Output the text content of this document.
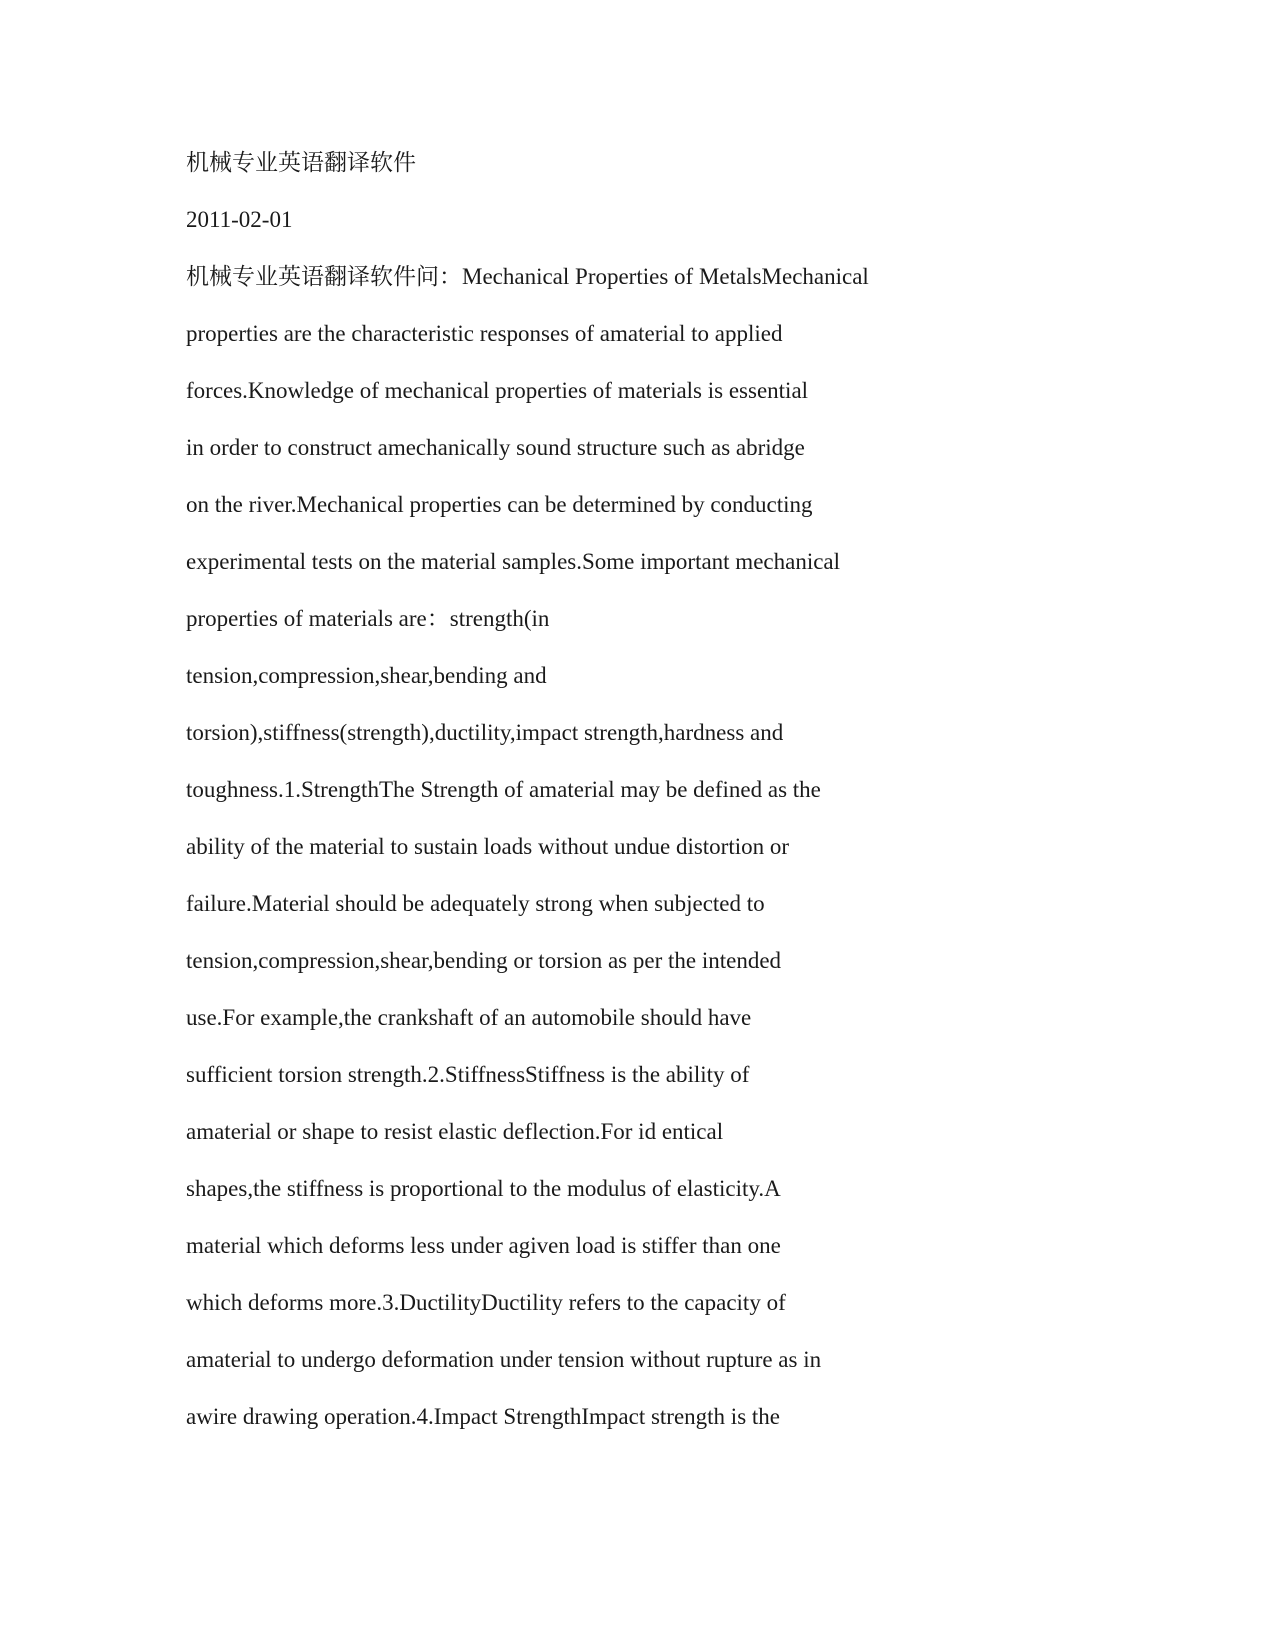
机械专业英语翻译软件
2011-02-01
机械专业英语翻译软件问：Mechanical Properties of MetalsMechanical
properties are the characteristic responses of amaterial to applied
forces.Knowledge of mechanical properties of materials is essential
in order to construct amechanically sound structure such as abridge
on the river.Mechanical properties can be determined by conducting
experimental tests on the material samples.Some important mechanical
properties of materials are：strength(in
tension,compression,shear,bending and
torsion),stiffness(strength),ductility,impact strength,hardness and
toughness.1.StrengthThe Strength of amaterial may be defined as the
ability of the material to sustain loads without undue distortion or
failure.Material should be adequately strong when subjected to
tension,compression,shear,bending or torsion as per the intended
use.For example,the crankshaft of an automobile should have
sufficient torsion strength.2.StiffnessStiffness is the ability of
amaterial or shape to resist elastic deflection.For id entical
shapes,the stiffness is proportional to the modulus of elasticity.A
material which deforms less under agiven load is stiffer than one
which deforms more.3.DuctilityDuctility refers to the capacity of
amaterial to undergo deformation under tension without rupture as in
awire drawing operation.4.Impact StrengthImpact strength is the
